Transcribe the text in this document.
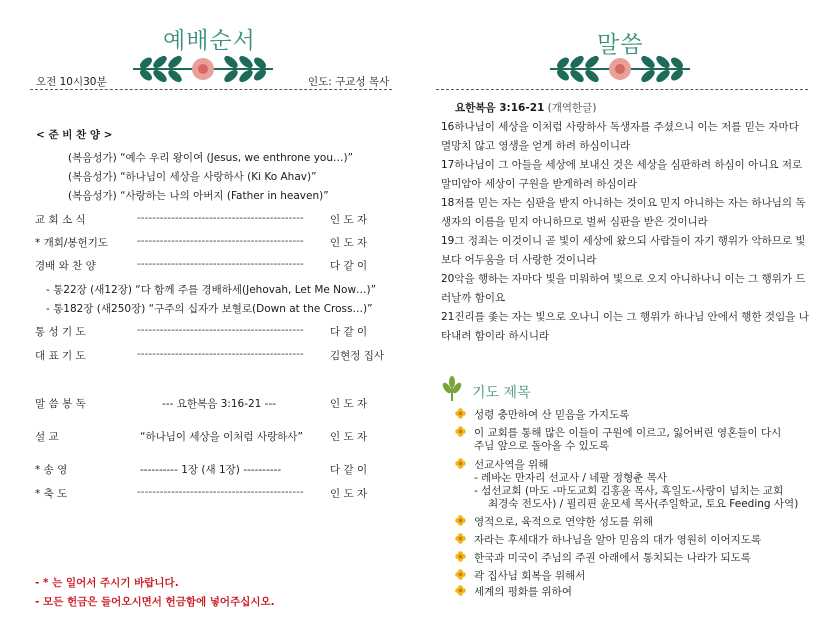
예배순서
오전 10시30분	인도: 구교성 목사
< 준 비 찬 양 >
(복음성가) “예수 우리 왕이여 (Jesus, we enthrone you…)”
(복음성가) “하나님이 세상을 사랑하사 (Ki Ko Ahav)”
(복음성가) “사랑하는 나의 아버지 (Father in heaven)”
교 회 소 식	--------------------------------------------	인 도 자
* 개회/봉헌기도	--------------------------------------------	인 도 자
경배 와 찬 양	--------------------------------------------	다 같 이
- 통22장 (새12장) “다 함께 주를 경배하세(Jehovah, Let Me Now…)”
- 통182장 (새250장) “구주의 십자가 보혈로(Down at the Cross…)”
통 성 기 도	--------------------------------------------	다 같 이
대 표 기 도	--------------------------------------------	김현정 집사
말 씀 봉 독	--- 요한복음 3:16-21 ---	인 도 자
설 교	“하나님이 세상을 이처럼 사랑하사”	인 도 자
* 송 영	---------- 1장 (새 1장) ----------	다 같 이
* 축 도	--------------------------------------------	인 도 자
- * 는 일어서 주시기 바랍니다.
- 모든 헌금은 들어오시면서 헌금함에 넣어주십시오.
말씀
요한복음 3:16-21 (개역한글)
16하나님이 세상을 이처럼 사랑하사 독생자를 주셨으니 이는 저를 믿는 자마다 멸망치 않고 영생을 얻게 하려 하심이니라
17하나님이 그 아들을 세상에 보내신 것은 세상을 심판하려 하심이 아니요 저로 말미암아 세상이 구원을 받게하려 하심이라
18저를 믿는 자는 심판을 받지 아니하는 것이요 믿지 아니하는 자는 하나님의 독생자의 이름을 믿지 아니하므로 벌써 심판을 받은 것이니라
19그 정죄는 이것이니 곧 빛이 세상에 왔으되 사람들이 자기 행위가 악하므로 빛보다 어두움을 더 사랑한 것이니라
20악을 행하는 자마다 빛을 미워하여 빛으로 오지 아니하나니 이는 그 행위가 드러날까 함이요
21진리를 좇는 자는 빛으로 오나니 이는 그 행위가 하나님 안에서 행한 것임을 나타내려 함이라 하시니라
기도 제목
성령 충만하여 산 믿음을 가지도록
이 교회를 통해 많은 이들이 구원에 이르고, 잃어버린 영혼들이 다시
주님 앞으로 돌아올 수 있도록
선교사역을 위해
- 레바논 만자리 선교사 / 네팔 정형춘 목사
- 섬선교회 (마도 -마도교회 김홍윤 목사, 흑일도-사랑이 넘치는 교회
최경숙 전도사) / 필리핀 윤모세 목사(주일학교, 토요 Feeding 사역)
영적으로, 육적으로 연약한 성도를 위해
자라는 후세대가 하나님을 알아 믿음의 대가 영원히 이어지도록
한국과 미국이 주님의 주권 아래에서 통치되는 나라가 되도록
곽 집사님 회복을 위해서
세계의 평화를 위하여
